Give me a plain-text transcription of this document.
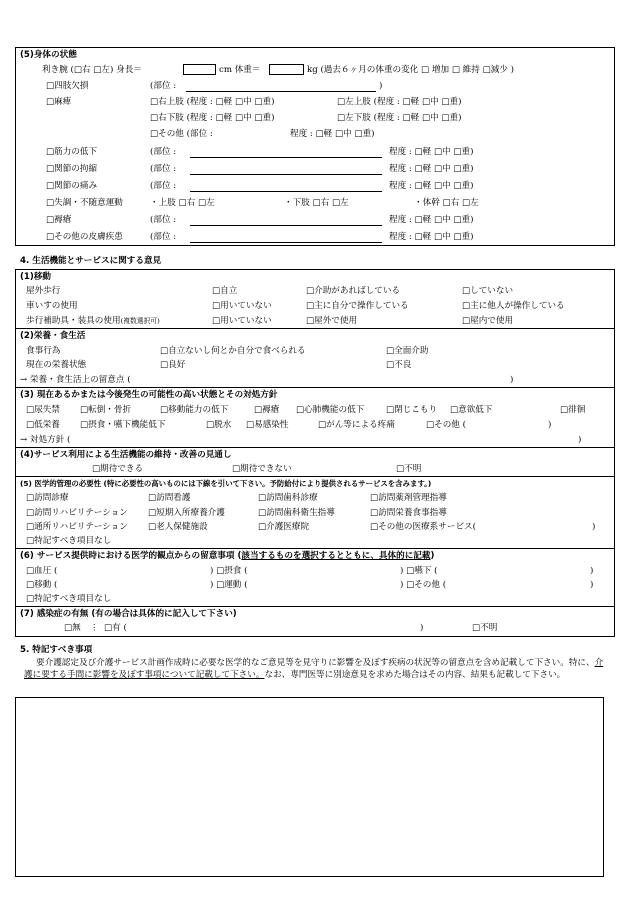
(5)身体の状態
利き腕 (□右 □左) 身長＝	cm 体重＝	kg (過去６ヶ月の体重の変化 □ 増加 □ 維持 □減少 )
□四肢欠損	(部位 :	)
□麻痺	□右上肢 (程度 : □軽 □中 □重)	□左上肢 (程度 : □軽 □中 □重)
□右下肢 (程度 : □軽 □中 □重)	□左下肢 (程度 : □軽 □中 □重)
□その他 (部位 :	程度 : □軽 □中 □重)
□筋力の低下	(部位 :	程度 : □軽 □中 □重)
□関節の拘縮	(部位 :	程度 : □軽 □中 □重)
□関節の痛み	(部位 :	程度 : □軽 □中 □重)
□失調・不随意運動	・上肢 □右 □左	・下肢 □右 □左	・体幹 □右 □左
□褥瘡	(部位 :	程度 : □軽 □中 □重)
□その他の皮膚疾患	(部位 :	程度 : □軽 □中 □重)
4. 生活機能とサービスに関する意見
(1)移動
屋外歩行	□自立	□介助があればしている	□していない
車いすの使用	□用いていない	□主に自分で操作している	□主に他人が操作している
歩行補助具・装具の使用(複数選択可)	□用いていない	□屋外で使用	□屋内で使用
(2)栄養・食生活
食事行為	□自立ないし何とか自分で食べられる	□全面介助
現在の栄養状態	□良好	□不良
→ 栄養・食生活上の留意点 (	)
(3) 現在あるかまたは今後発生の可能性の高い状態とその対処方針
□尿失禁 □転倒・骨折	□移動能力の低下	□褥瘡 □心肺機能の低下	□閉じこもり □意欲低下	□徘徊
□低栄養 □摂食・嚥下機能低下	□脱水 □易感染性	□がん等による疼痛	□その他 (	)
→ 対処方針 (	)
(4)サービス利用による生活機能の維持・改善の見通し
□期待できる	□期待できない	□不明
(5) 医学的管理の必要性 (特に必要性の高いものには下線を引いて下さい。予防給付により提供されるサービスを含みます。)
□訪問診療	□訪問看護	□訪問歯科診療	□訪問薬剤管理指導
□訪問リハビリテーション □短期入所療養介護	□訪問歯科衛生指導	□訪問栄養食事指導
□通所リハビリテーション □老人保健施設	□介護医療院	□その他の医療系サービス(	)
□特記すべき項目なし
(6) サービス提供時における医学的観点からの留意事項 (該当するものを選択するとともに、具体的に記載)
□血圧 (	) □摂食 (	) □嚥下 (	)
□移動 (	) □運動 (	) □その他 (	)
□特記すべき項目なし
(7) 感染症の有無 (有の場合は具体的に記入して下さい)
□無 ⋮ □有 (	)	□不明
5. 特記すべき事項
要介護認定及び介護サービス計画作成時に必要な医学的なご意見等を見守りに影響を及ぼす疾病の状況等の留意点を含め記載して下さい。特に、介護に要する手間に影響を及ぼす事項について記載して下さい。なお、専門医等に別途意見を求めた場合はその内容、結果も記載して下さい。
